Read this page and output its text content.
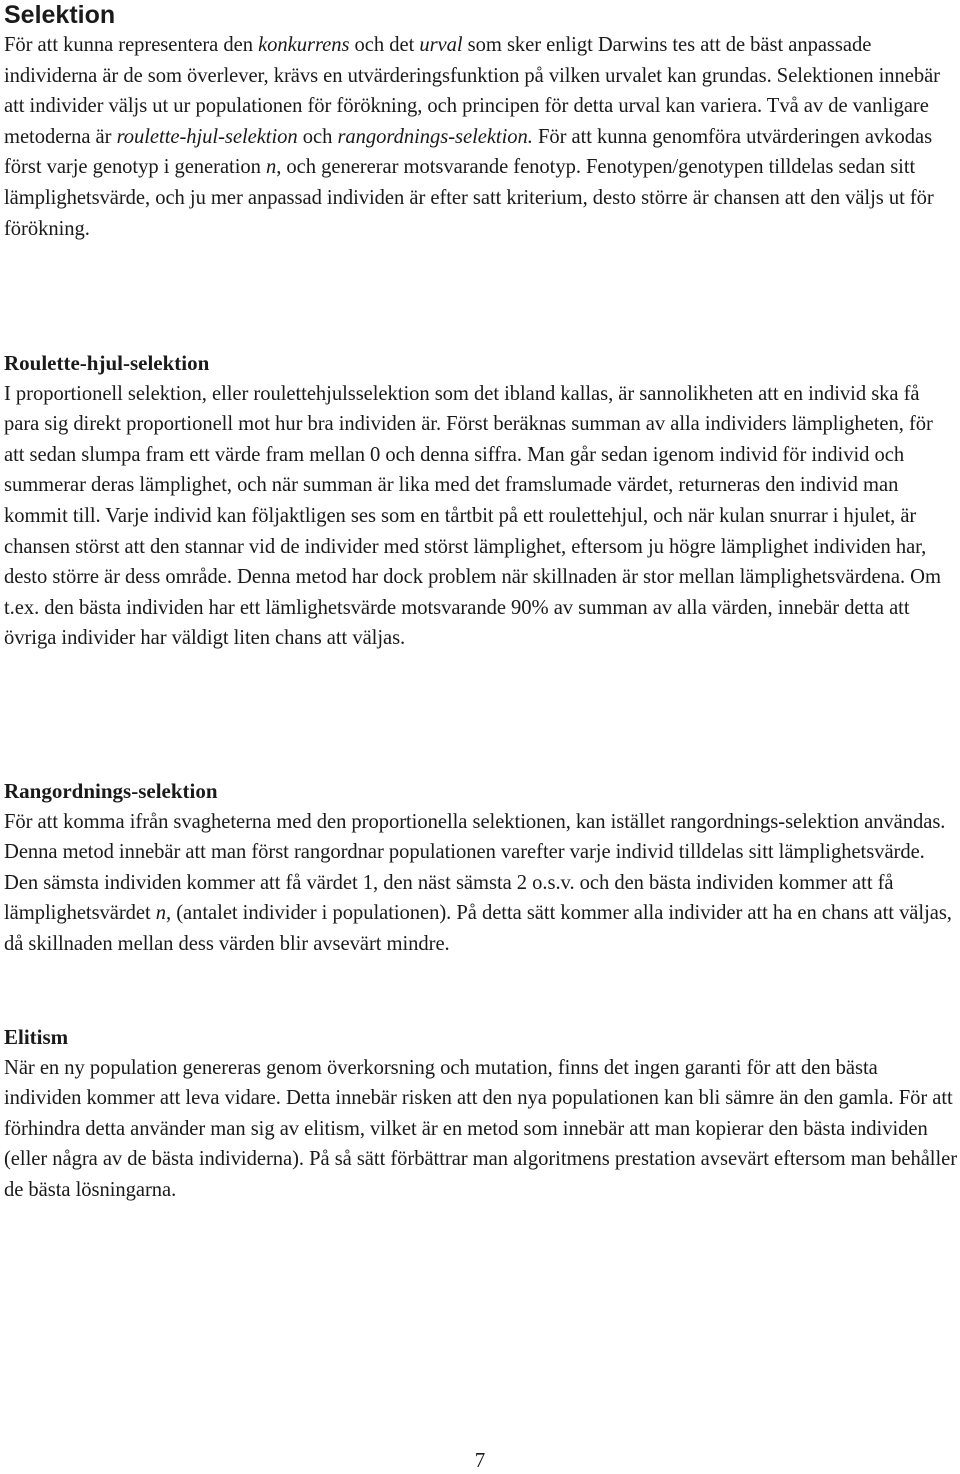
Selektion

För att kunna representera den konkurrens och det urval som sker enligt Darwins tes att de bäst anpassade individerna är de som överlever, krävs en utvärderingsfunktion på vilken urvalet kan grundas. Selektionen innebär att individer väljs ut ur populationen för förökning, och principen för detta urval kan variera. Två av de vanligare metoderna är roulette-hjul-selektion och rangordnings-selektion. För att kunna genomföra utvärderingen avkodas först varje genotyp i generation n, och genererar motsvarande fenotyp. Fenotypen/genotypen tilldelas sedan sitt lämplighetsvärde, och ju mer anpassad individen är efter satt kriterium, desto större är chansen att den väljs ut för förökning.

Roulette-hjul-selektion

I proportionell selektion, eller roulettehjulsselektion som det ibland kallas, är sannolikheten att en individ ska få para sig direkt proportionell mot hur bra individen är. Först beräknas summan av alla individers lämpligheten, för att sedan slumpa fram ett värde fram mellan 0 och denna siffra. Man går sedan igenom individ för individ och summerar deras lämplighet, och när summan är lika med det framslumade värdet, returneras den individ man kommit till. Varje individ kan följaktligen ses som en tårtbit på ett roulettehjul, och när kulan snurrar i hjulet, är chansen störst att den stannar vid de individer med störst lämplighet, eftersom ju högre lämplighet individen har, desto större är dess område. Denna metod har dock problem när skillnaden är stor mellan lämplighetsvärdena. Om t.ex. den bästa individen har ett lämlighetsvärde motsvarande 90% av summan av alla värden, innebär detta att övriga individer har väldigt liten chans att väljas.

Rangordnings-selektion

För att komma ifrån svagheterna med den proportionella selektionen, kan istället rangordnings-selektion användas. Denna metod innebär att man först rangordnar populationen varefter varje individ tilldelas sitt lämplighetsvärde. Den sämsta individen kommer att få värdet 1, den näst sämsta 2 o.s.v. och den bästa individen kommer att få lämplighetsvärdet n, (antalet individer i populationen). På detta sätt kommer alla individer att ha en chans att väljas, då skillnaden mellan dess värden blir avsevärt mindre.

Elitism

När en ny population genereras genom överkorsning och mutation, finns det ingen garanti för att den bästa individen kommer att leva vidare. Detta innebär risken att den nya populationen kan bli sämre än den gamla. För att förhindra detta använder man sig av elitism, vilket är en metod som innebär att man kopierar den bästa individen (eller några av de bästa individerna). På så sätt förbättrar man algoritmens prestation avsevärt eftersom man behåller de bästa lösningarna.

7
